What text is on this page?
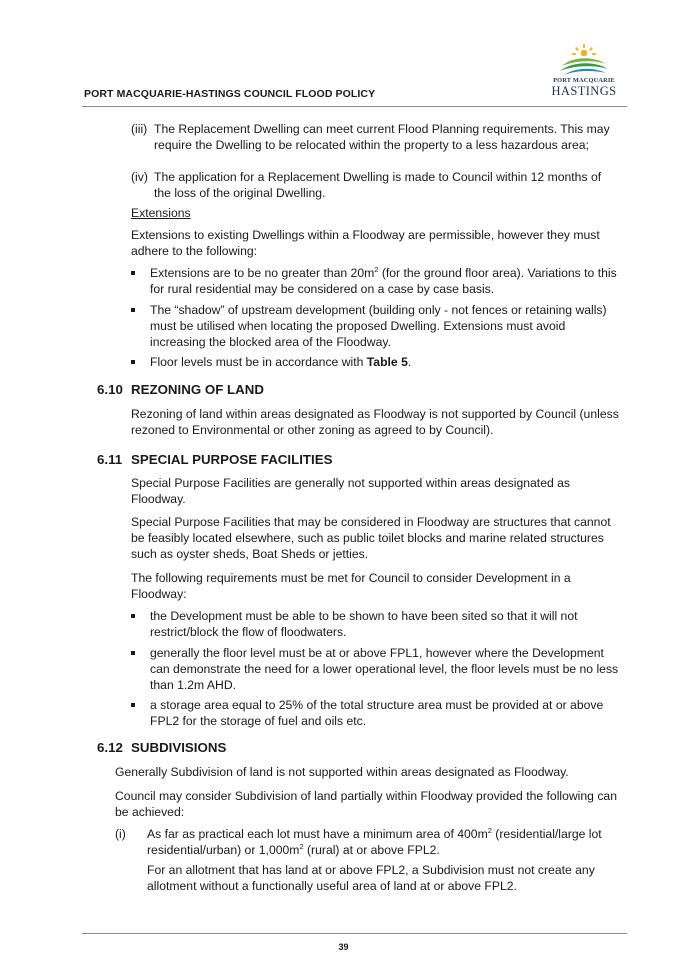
PORT MACQUARIE
HASTINGS
PORT MACQUARIE-HASTINGS COUNCIL FLOOD POLICY
(iii) The Replacement Dwelling can meet current Flood Planning requirements. This may require the Dwelling to be relocated within the property to a less hazardous area;
(iv) The application for a Replacement Dwelling is made to Council within 12 months of the loss of the original Dwelling.
Extensions
Extensions to existing Dwellings within a Floodway are permissible, however they must adhere to the following:
Extensions are to be no greater than $20m^2$ (for the ground floor area). Variations to this for rural residential may be considered on a case by case basis.
The “shadow” of upstream development (building only - not fences or retaining walls) must be utilised when locating the proposed Dwelling. Extensions must avoid increasing the blocked area of the Floodway.
Floor levels must be in accordance with Table 5.
6.10 REZONING OF LAND
Rezoning of land within areas designated as Floodway is not supported by Council (unless rezoned to Environmental or other zoning as agreed to by Council).
6.11 SPECIAL PURPOSE FACILITIES
Special Purpose Facilities are generally not supported within areas designated as Floodway.
Special Purpose Facilities that may be considered in Floodway are structures that cannot be feasibly located elsewhere, such as public toilet blocks and marine related structures such as oyster sheds, Boat Sheds or jetties.
The following requirements must be met for Council to consider Development in a Floodway:
the Development must be able to be shown to have been sited so that it will not restrict/block the flow of floodwaters.
generally the floor level must be at or above FPL1, however where the Development can demonstrate the need for a lower operational level, the floor levels must be no less than 1.2m AHD.
a storage area equal to 25% of the total structure area must be provided at or above FPL2 for the storage of fuel and oils etc.
6.12 SUBDIVISIONS
Generally Subdivision of land is not supported within areas designated as Floodway.
Council may consider Subdivision of land partially within Floodway provided the following can be achieved:
(i) As far as practical each lot must have a minimum area of $400m^2$ (residential/large lot residential/urban) or $1,000m^2$ (rural) at or above FPL2.
For an allotment that has land at or above FPL2, a Subdivision must not create any allotment without a functionally useful area of land at or above FPL2.
39
